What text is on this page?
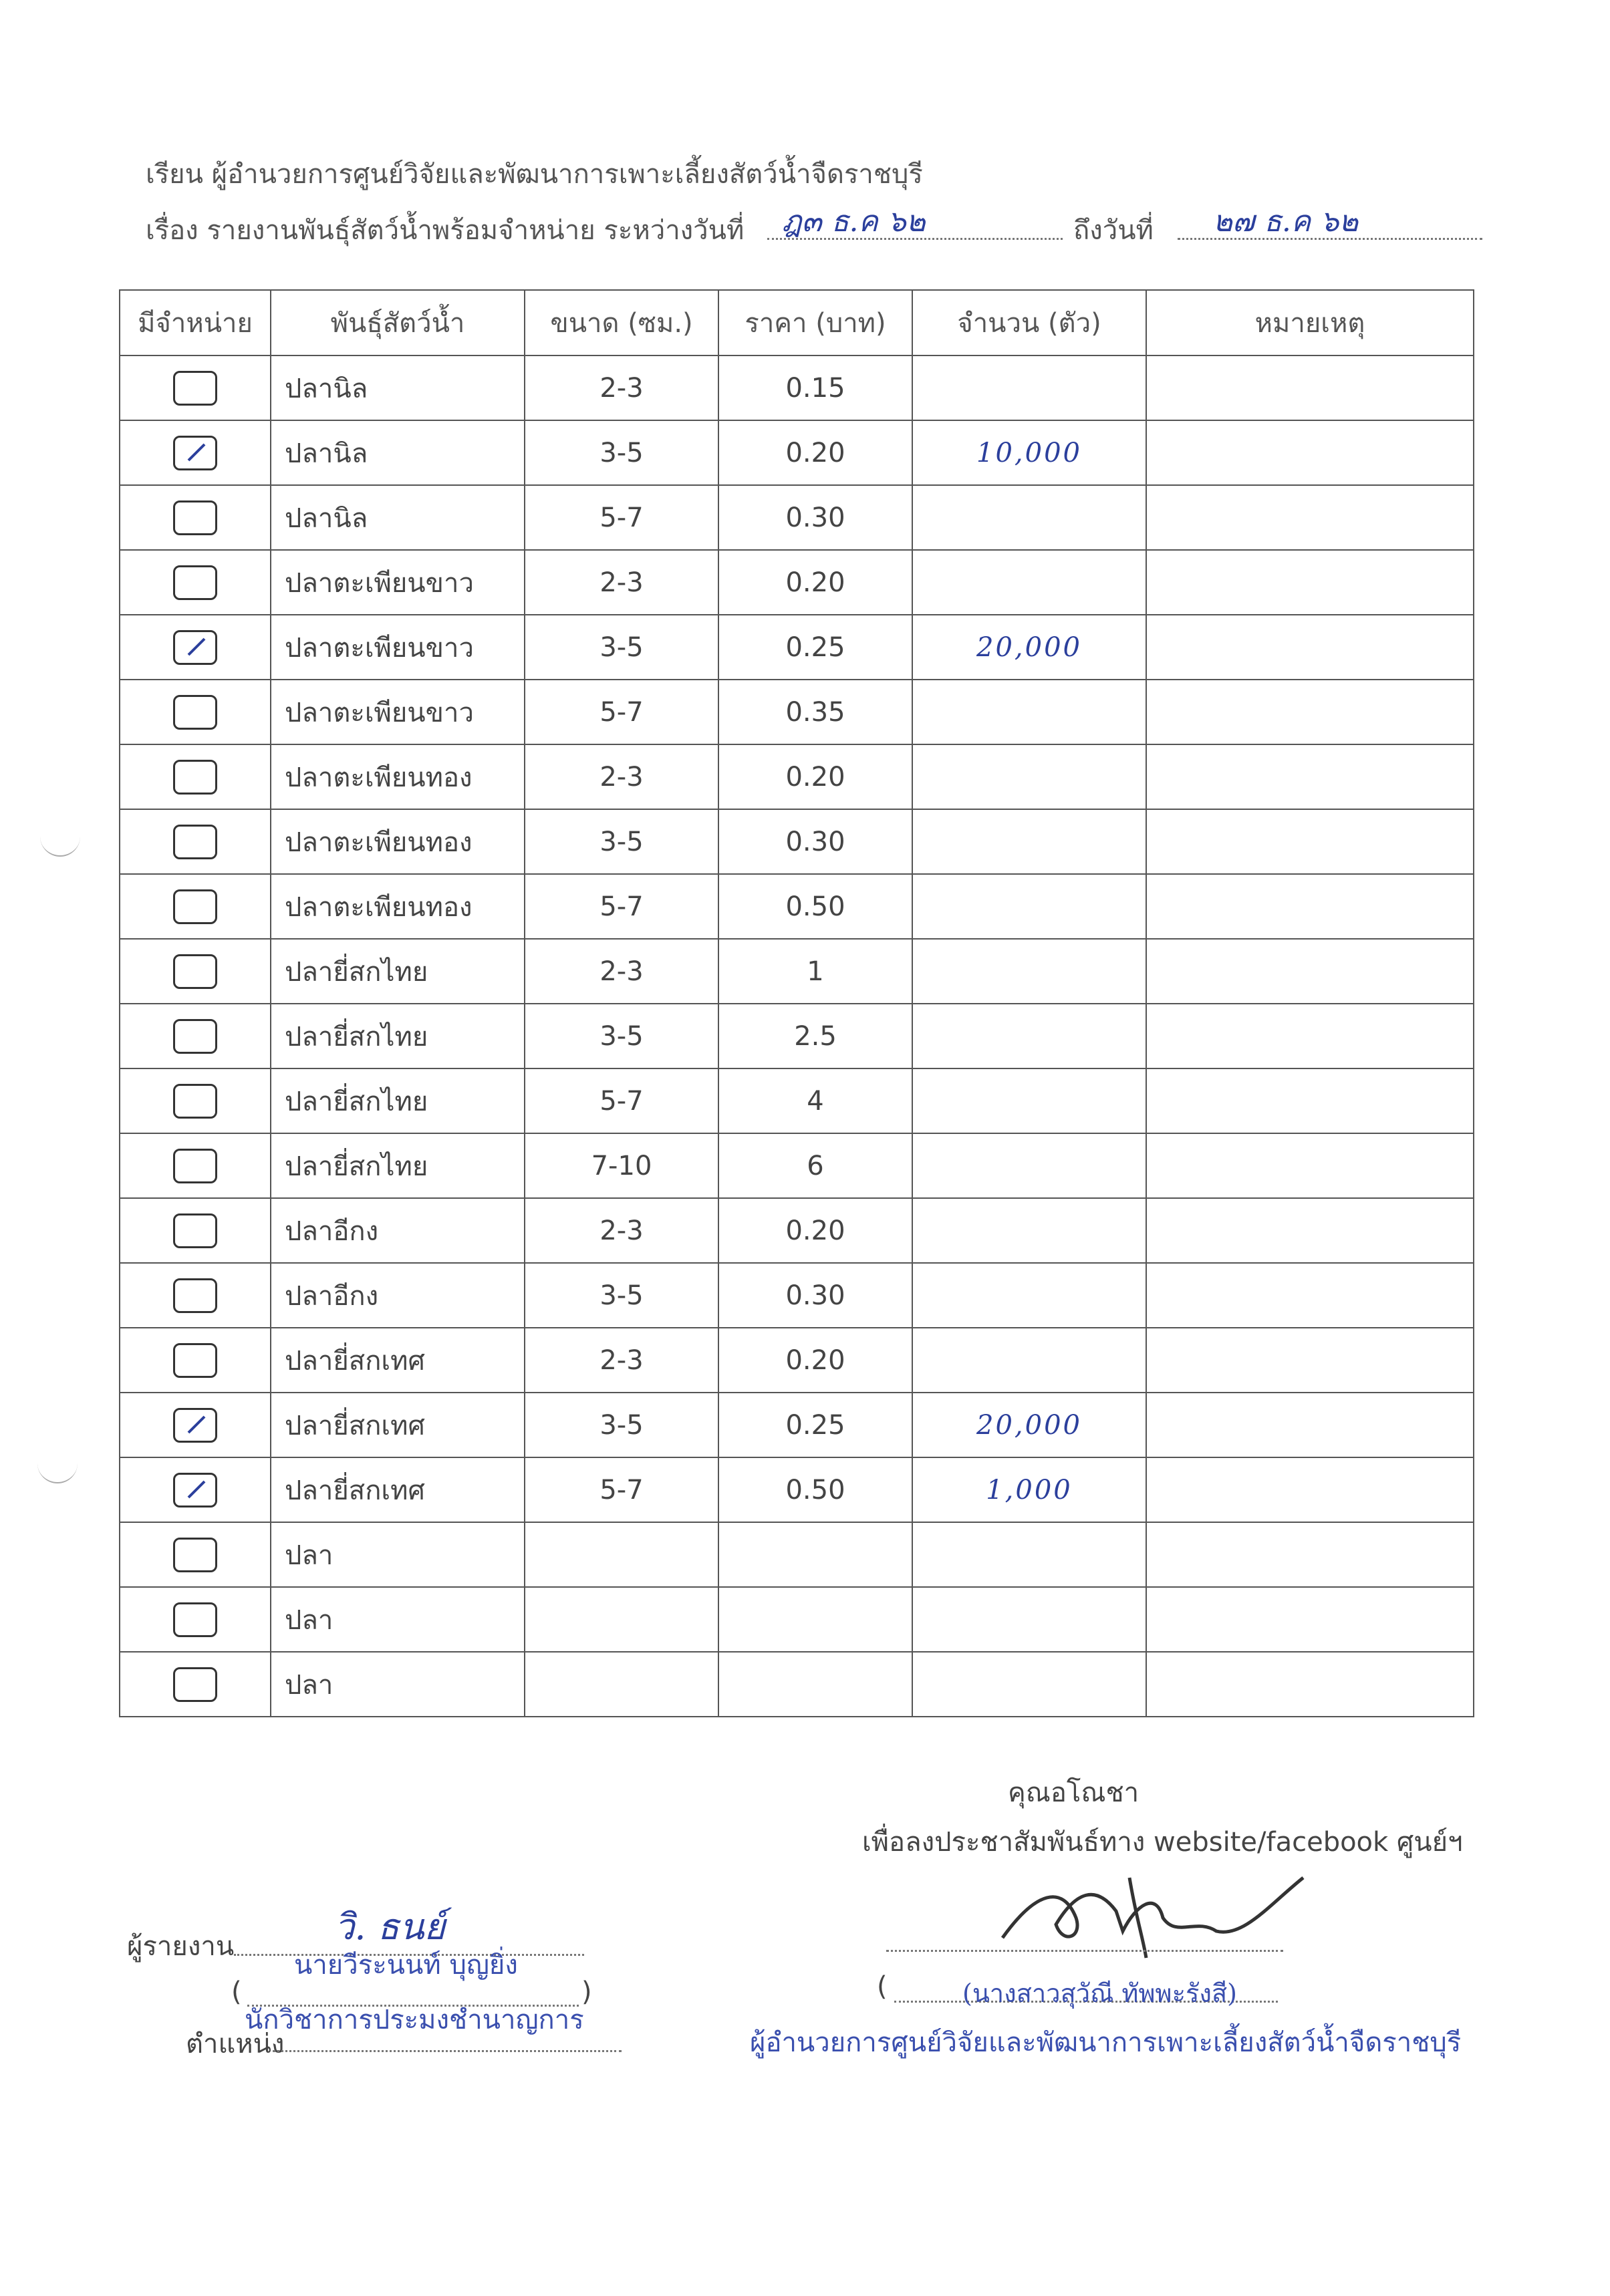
เรียน ผู้อำนวยการศูนย์วิจัยและพัฒนาการเพาะเลี้ยงสัตว์น้ำจืดราชบุรี
เรื่อง รายงานพันธุ์สัตว์น้ำพร้อมจำหน่าย ระหว่างวันที่ ฎ๓ ธ.ค ๖๒	ถึงวันที่ ๒๗ ธ.ค ๖๒
มีจำหน่าย	พันธุ์สัตว์น้ำ	ขนาด (ซม.)	ราคา (บาท)	จำนวน (ตัว)	หมายเหตุ
	ปลานิล	2-3	0.15		

	ปลานิล	3-5	0.20	10,000	
	ปลานิล	5-7	0.30		
	ปลาตะเพียนขาว	2-3	0.20		

	ปลาตะเพียนขาว	3-5	0.25	20,000	
	ปลาตะเพียนขาว	5-7	0.35		
	ปลาตะเพียนทอง	2-3	0.20		
	ปลาตะเพียนทอง	3-5	0.30		
	ปลาตะเพียนทอง	5-7	0.50		
	ปลายี่สกไทย	2-3	1		
	ปลายี่สกไทย	3-5	2.5		
	ปลายี่สกไทย	5-7	4		
	ปลายี่สกไทย	7-10	6		
	ปลาอีกง	2-3	0.20		
	ปลาอีกง	3-5	0.30		
	ปลายี่สกเทศ	2-3	0.20		

	ปลายี่สกเทศ	3-5	0.25	20,000	

	ปลายี่สกเทศ	5-7	0.50	1,000	
	ปลา				
	ปลา				
	ปลา				
คุณอโณชา
เพื่อลงประชาสัมพันธ์ทาง website/facebook ศูนย์ฯ
(	(นางสาวสุวัณี ทัพพะรังสี)
ผู้อำนวยการศูนย์วิจัยและพัฒนาการเพาะเลี้ยงสัตว์น้ำจืดราชบุรี
ผู้รายงาน	วิ. ธนย์
(	)
นายวีระนนท์ บุญยิ่ง
ตำแหน่ง
นักวิชาการประมงชำนาญการ
